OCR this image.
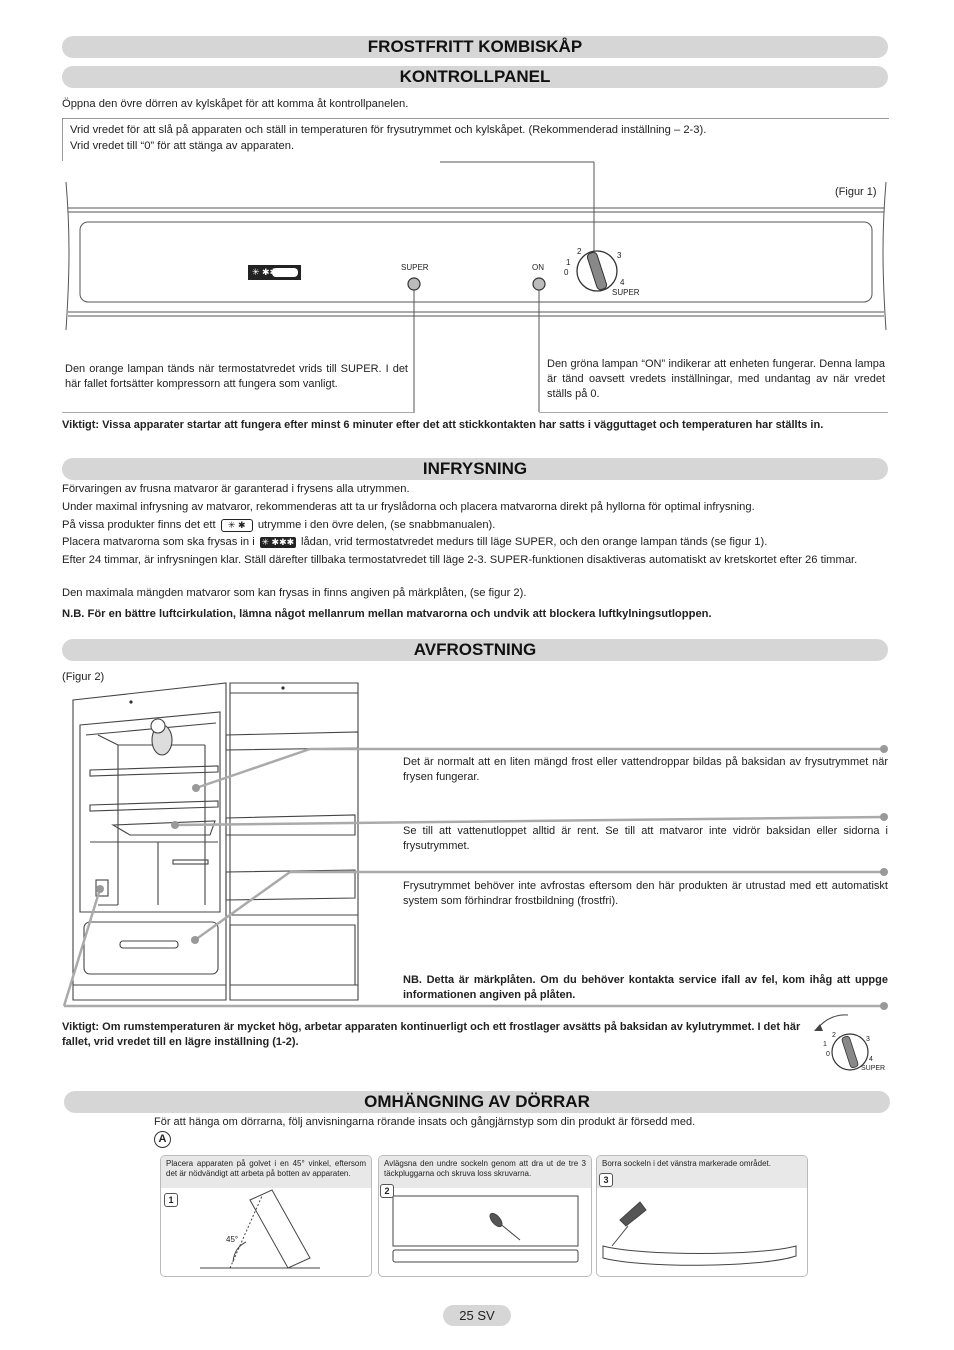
FROSTFRITT KOMBISKÅP
KONTROLLPANEL
Öppna den övre dörren av kylskåpet för att komma åt kontrollpanelen.
Vrid vredet för att slå på apparaten och ställ in temperaturen för frysutrymmet och kylskåpet. (Rekommenderad inställning – 2-3).
Vrid vredet till “0” för att stänga av apparaten.
(Figur 1)
✳ ✱✱✱	SUPER	ON
0
1
2	3
4
SUPER
Den orange lampan tänds när termostatvredet vrids till SUPER. I det här fallet fortsätter kompressorn att fungera som vanligt.
Den gröna lampan “ON” indikerar att enheten fungerar. Denna lampa är tänd oavsett vredets inställningar, med undantag av när vredet ställs på 0.
Viktigt: Vissa apparater startar att fungera efter minst 6 minuter efter det att stickkontakten har satts i vägguttaget och temperaturen har ställts in.
INFRYSNING
Förvaringen av frusna matvaror är garanterad i frysens alla utrymmen.
Under maximal infrysning av matvaror, rekommenderas att ta ur fryslådorna och placera matvarorna direkt på hyllorna för optimal infrysning.
På vissa produkter finns det ett ✳ ✱ utrymme i den övre delen, (se snabbmanualen).
Placera matvarorna som ska frysas in i ✳ ✱✱✱ lådan, vrid termostatvredet medurs till läge SUPER, och den orange lampan tänds (se figur 1).
Efter 24 timmar, är infrysningen klar. Ställ därefter tillbaka termostatvredet till läge 2-3. SUPER-funktionen disaktiveras automatiskt av kretskortet efter 26 timmar.
Den maximala mängden matvaror som kan frysas in finns angiven på märkplåten, (se figur 2).
N.B. För en bättre luftcirkulation, lämna något mellanrum mellan matvarorna och undvik att blockera luftkylningsutloppen.
AVFROSTNING
(Figur 2)
Det är normalt att en liten mängd frost eller vattendroppar bildas på baksidan av frysutrymmet när frysen fungerar.
Se till att vattenutloppet alltid är rent. Se till att matvaror inte vidrör baksidan eller sidorna i frysutrymmet.
Frysutrymmet behöver inte avfrostas eftersom den här produkten är utrustad med ett automatiskt system som förhindrar frostbildning (frostfri).
NB. Detta är märkplåten. Om du behöver kontakta service ifall av fel, kom ihåg att uppge informationen angiven på plåten.
Viktigt: Om rumstemperaturen är mycket hög, arbetar apparaten kontinuerligt och ett frostlager avsätts på baksidan av kylutrymmet. I det här fallet, vrid vredet till en lägre inställning (1-2).
0
1
2
3
4
SUPER
OMHÄNGNING AV DÖRRAR
För att hänga om dörrarna, följ anvisningarna rörande insats och gångjärnstyp som din produkt är försedd med.
A
Placera apparaten på golvet i en 45° vinkel, eftersom det är nödvändigt att arbeta på botten av apparaten.
Avlägsna den undre sockeln genom att dra ut de tre 3 täckpluggarna och skruva loss skruvarna.
Borra sockeln i det vänstra markerade området.
1
2
3
45°
25 SV
